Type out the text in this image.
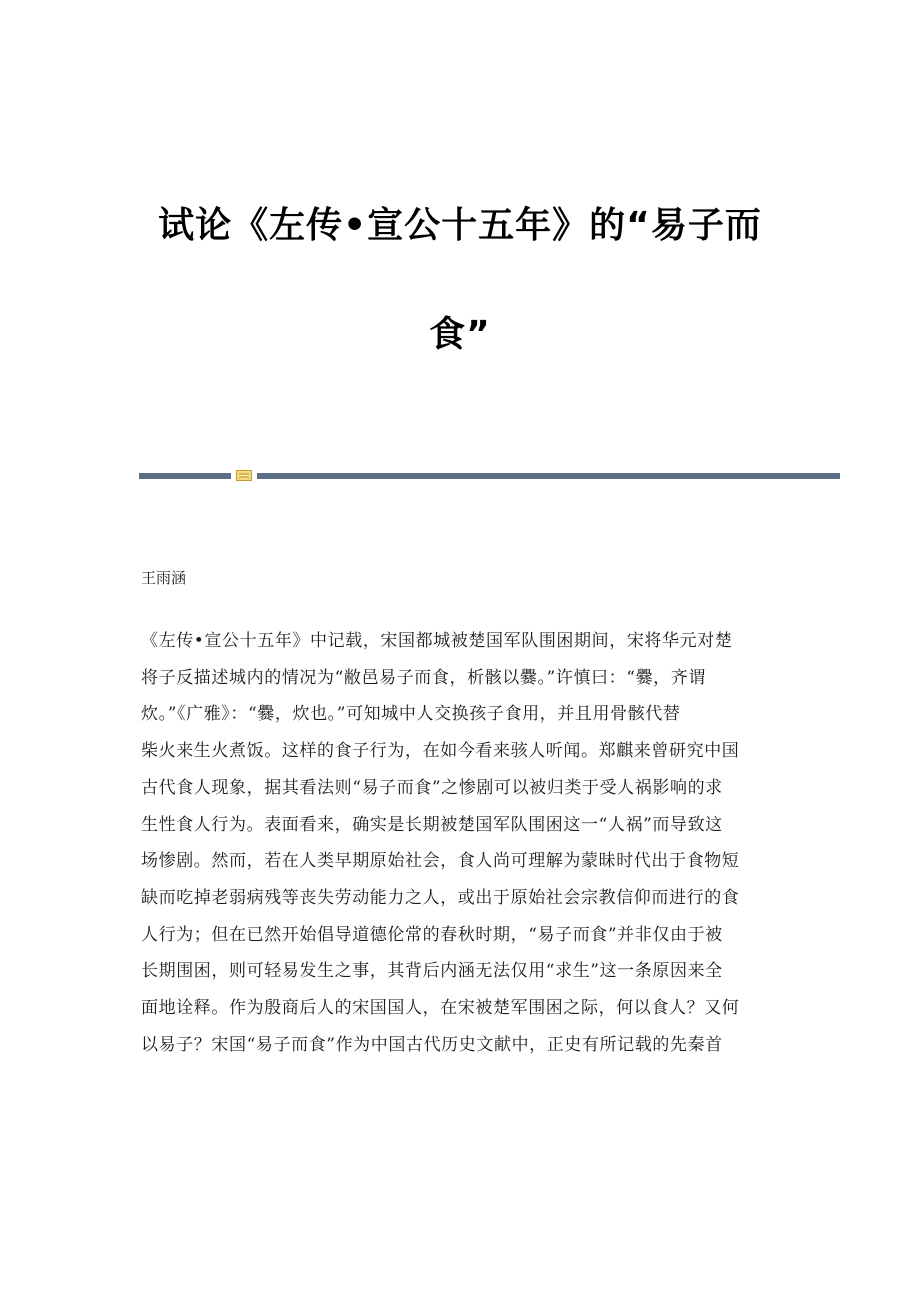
试论《左传•宣公十五年》的“易子而
食”

王雨涵

《左传•宣公十五年》中记载，宋国都城被楚国军队围困期间，宋将华元对楚
将子反描述城内的情况为“敝邑易子而食，析骸以爨。”许慎曰：“爨，齐谓
炊。”《广雅》：“爨，炊也。”可知城中人交换孩子食用，并且用骨骸代替
柴火来生火煮饭。这样的食子行为，在如今看来骇人听闻。郑麒来曾研究中国
古代食人现象，据其看法则“易子而食”之惨剧可以被归类于受人祸影响的求
生性食人行为。表面看来，确实是长期被楚国军队围困这一“人祸”而导致这
场惨剧。然而，若在人类早期原始社会，食人尚可理解为蒙昧时代出于食物短
缺而吃掉老弱病残等丧失劳动能力之人，或出于原始社会宗教信仰而进行的食
人行为；但在已然开始倡导道德伦常的春秋时期，“易子而食”并非仅由于被
长期围困，则可轻易发生之事，其背后内涵无法仅用“求生”这一条原因来全
面地诠释。作为殷商后人的宋国国人，在宋被楚军围困之际，何以食人？又何
以易子？宋国“易子而食”作为中国古代历史文献中，正史有所记载的先秦首
